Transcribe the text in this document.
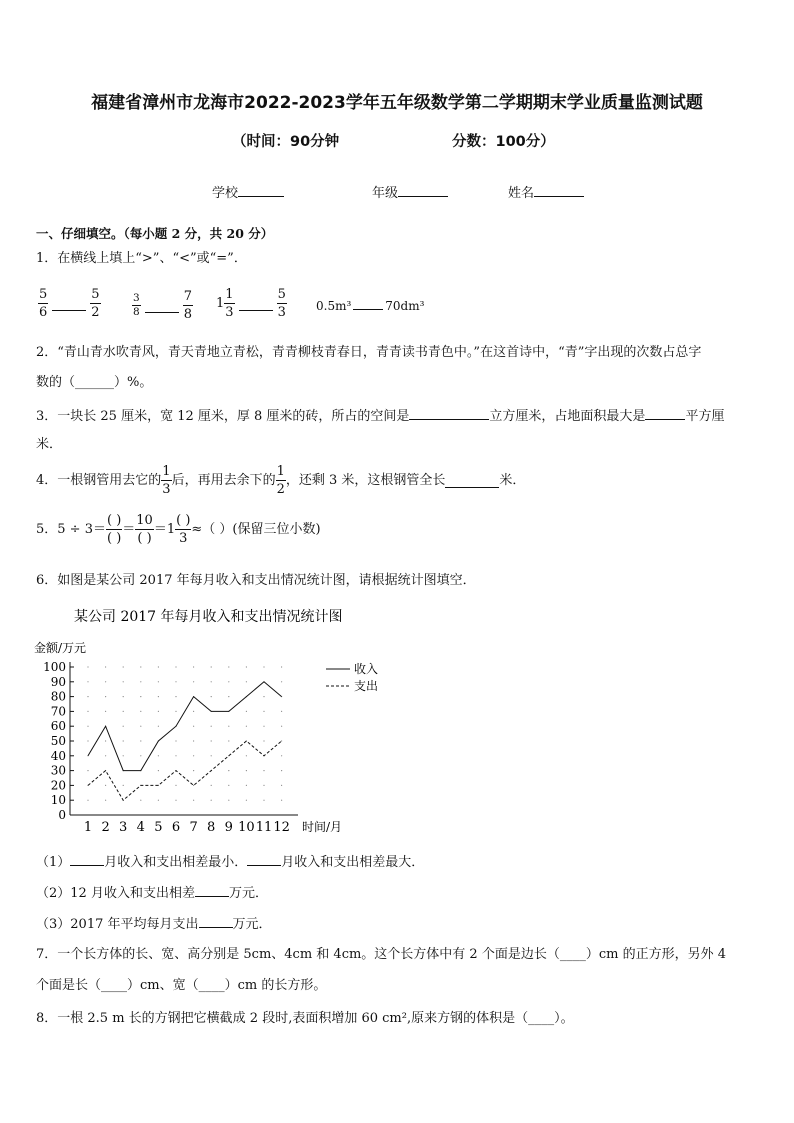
福建省漳州市龙海市2022-2023学年五年级数学第二学期期末学业质量监测试题
（时间：90分钟	分数：100分）
学校	年级	姓名
一、仔细填空。（每小题 2 分，共 20 分）
1．在横线上填上“>”、“<”或“=”．
$\frac{5}{6}$	$\frac{5}{2}$	$\frac{3}{8}$	$\frac{7}{8} 1 \frac{1}{3}$	$\frac{5}{3} 0.5m^3$	70dm³
2．“青山青水吹青风，青天青地立青松，青青柳枝青春日，青青读书青色中。”在这首诗中，“青”字出现的次数占总字
数的（______）%。
3．一块长 25 厘米，宽 12 厘米，厚 8 厘米的砖，所占的空间是	立方厘米，占地面积最大是	平方厘
米．
4．一根钢管用去它的 $\frac{1}{3}$ 后，再用去余下的 $\frac{1}{2}$ ，还剩 3 米，这根钢管全长	米．
5．$5 \div 3= \frac{( )}{( )} = \frac{10}{( )} =1 \frac{( )}{3}$ ≈（ ）(保留三位小数)
6．如图是某公司 2017 年每月收入和支出情况统计图，请根据统计图填空．
某公司 2017 年每月收入和支出情况统计图
金额/万元
时间/月
0
10
20
30
40
50
60
70
80
90
100
1 2 3 4 5 6 7 8 9 10 11 12
收入
支出
（1）	月收入和支出相差最小．	月收入和支出相差最大．
（2）12 月收入和支出相差	万元．
（3）2017 年平均每月支出	万元．
7．一个长方体的长、宽、高分别是 5cm、4cm 和 4cm。这个长方体中有 2 个面是边长（____）cm 的正方形，另外 4
个面是长（____）cm、宽（____）cm 的长方形。
8．一根 2.5 m 长的方钢把它横截成 2 段时,表面积增加 60 cm²,原来方钢的体积是（____）。
